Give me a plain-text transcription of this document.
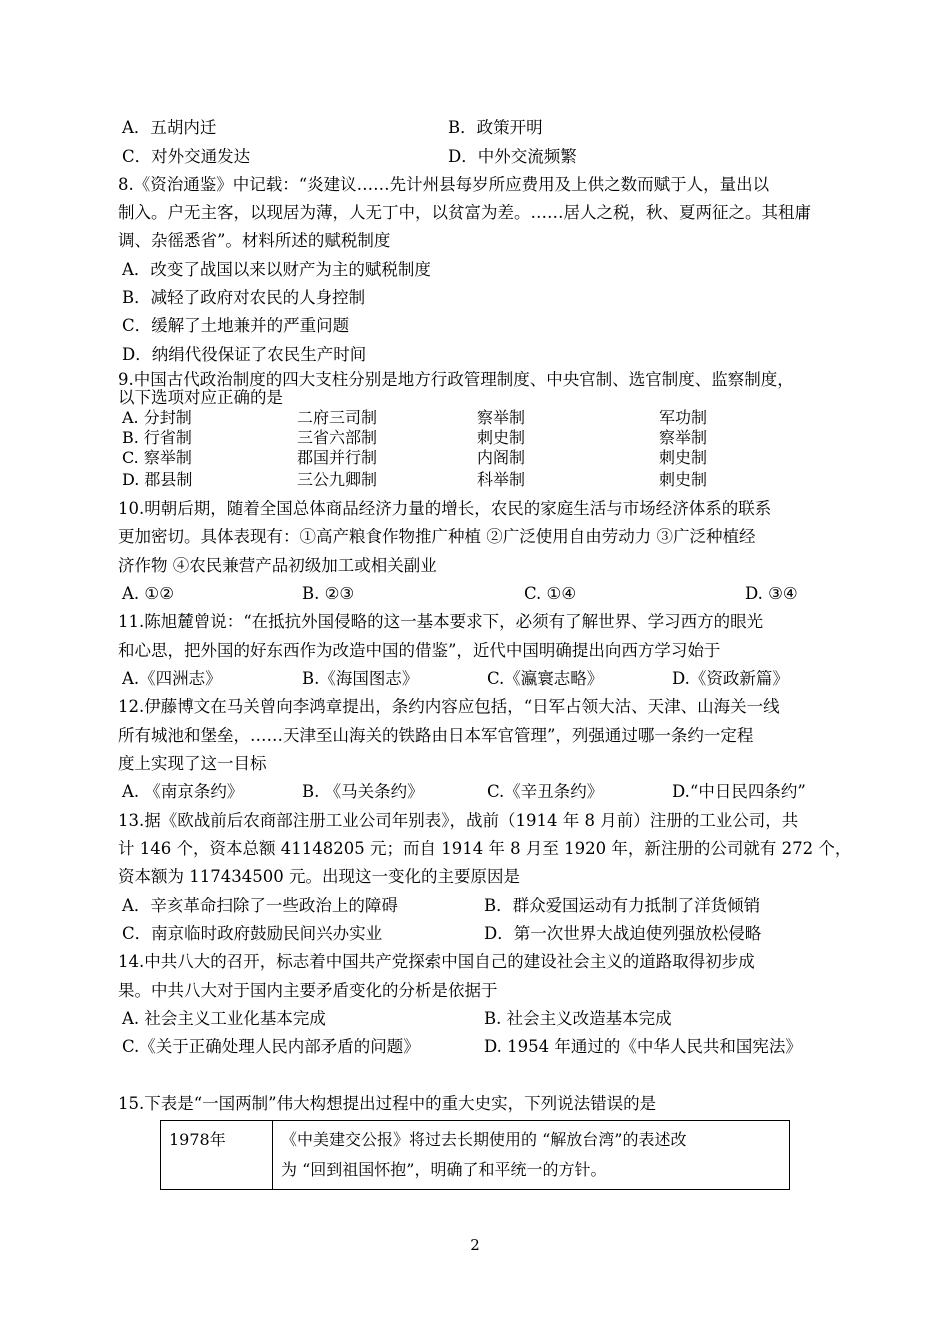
A．五胡内迁	B．政策开明
C．对外交通发达	D．中外交流频繁
8.《资治通鉴》中记载：“炎建议……先计州县每岁所应费用及上供之数而赋于人，量出以
制入。户无主客，以现居为薄，人无丁中，以贫富为差。……居人之税，秋、夏两征之。其租庸
调、杂徭悉省”。材料所述的赋税制度
A．改变了战国以来以财产为主的赋税制度
B．减轻了政府对农民的人身控制
C．缓解了土地兼并的严重问题
D．纳绢代役保证了农民生产时间
9.中国古代政治制度的四大支柱分别是地方行政管理制度、中央官制、选官制度、监察制度，
以下选项对应正确的是
A. 分封制	二府三司制	察举制	军功制
B. 行省制	三省六部制	刺史制	察举制
C. 察举制	郡国并行制	内阁制	刺史制
D. 郡县制	三公九卿制	科举制	刺史制
10.明朝后期，随着全国总体商品经济力量的增长，农民的家庭生活与市场经济体系的联系
更加密切。具体表现有：①高产粮食作物推广种植 ②广泛使用自由劳动力 ③广泛种植经
济作物 ④农民兼营产品初级加工或相关副业
A. ①②	B. ②③	C. ①④	D. ③④
11.陈旭麓曾说：“在抵抗外国侵略的这一基本要求下，必须有了解世界、学习西方的眼光
和心思，把外国的好东西作为改造中国的借鉴”，近代中国明确提出向西方学习始于
A.《四洲志》	B.《海国图志》	C.《瀛寰志略》	D.《资政新篇》
12.伊藤博文在马关曾向李鸿章提出，条约内容应包括，“日军占领大沽、天津、山海关一线
所有城池和堡垒，……天津至山海关的铁路由日本军官管理”，列强通过哪一条约一定程
度上实现了这一目标
A. 《南京条约》	B. 《马关条约》	C.《辛丑条约》	D.“中日民四条约”
13.据《欧战前后农商部注册工业公司年别表》，战前（1914 年 8 月前）注册的工业公司，共
计 146 个，资本总额 41148205 元；而自 1914 年 8 月至 1920 年，新注册的公司就有 272 个，
资本额为 117434500 元。出现这一变化的主要原因是
A．辛亥革命扫除了一些政治上的障碍	B．群众爱国运动有力抵制了洋货倾销
C．南京临时政府鼓励民间兴办实业	D．第一次世界大战迫使列强放松侵略
14.中共八大的召开，标志着中国共产党探索中国自己的建设社会主义的道路取得初步成
果。中共八大对于国内主要矛盾变化的分析是依据于
A. 社会主义工业化基本完成	B. 社会主义改造基本完成
C.《关于正确处理人民内部矛盾的问题》	D. 1954 年通过的《中华人民共和国宪法》
15.下表是“一国两制”伟大构想提出过程中的重大史实，下列说法错误的是
1978年	《中美建交公报》将过去长期使用的 “解放台湾”的表述改
为 “回到祖国怀抱”，明确了和平统一的方针。
2
